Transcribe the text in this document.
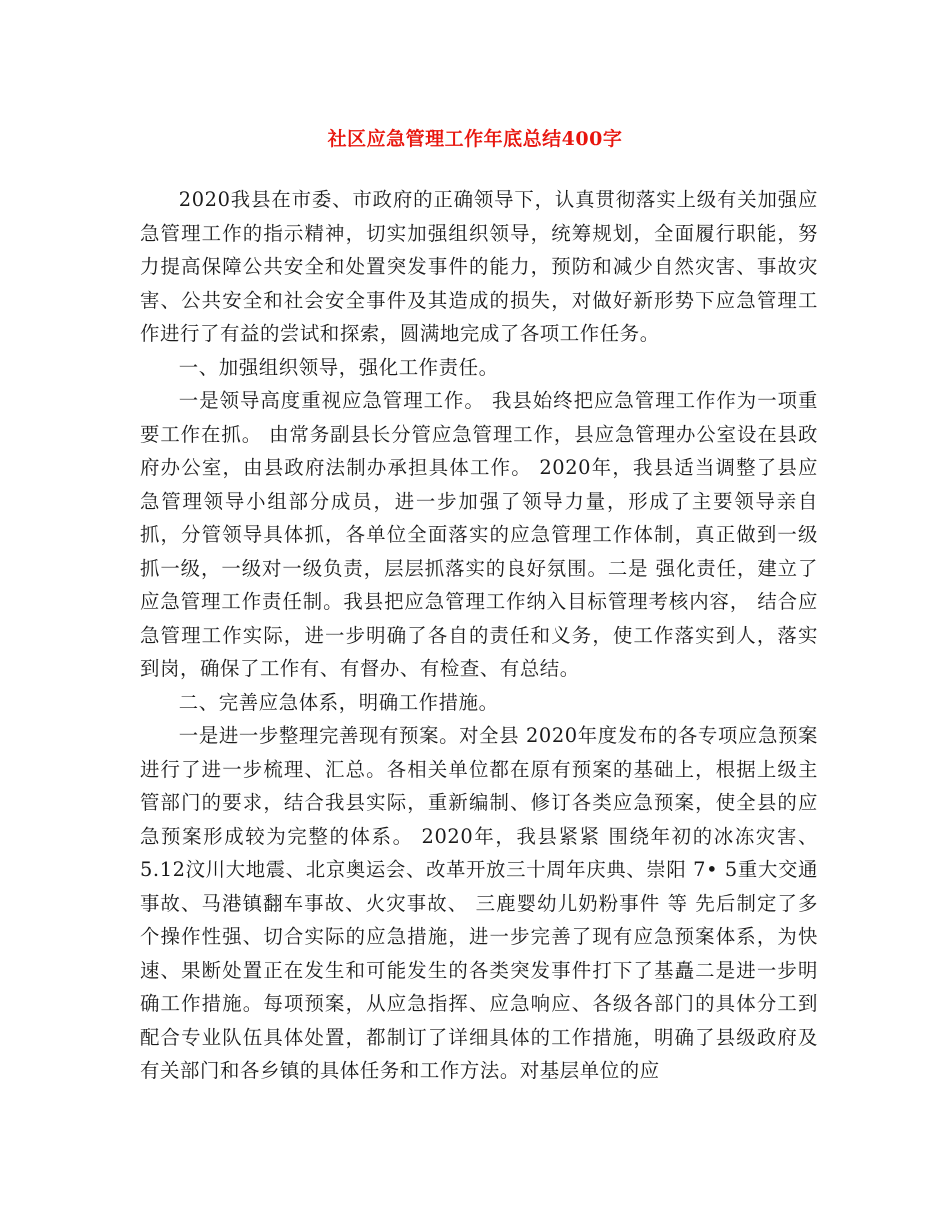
社区应急管理工作年底总结400字

2020我县在市委、市政府的正确领导下，认真贯彻落实上级有关加强应急管理工作的指示精神，切实加强组织领导，统筹规划，全面履行职能，努力提高保障公共安全和处置突发事件的能力，预防和减少自然灾害、事故灾害、公共安全和社会安全事件及其造成的损失，对做好新形势下应急管理工作进行了有益的尝试和探索，圆满地完成了各项工作任务。

一、加强组织领导，强化工作责任。

一是领导高度重视应急管理工作。 我县始终把应急管理工作作为一项重要工作在抓。 由常务副县长分管应急管理工作，县应急管理办公室设在县政府办公室，由县政府法制办承担具体工作。 2020年，我县适当调整了县应急管理领导小组部分成员，进一步加强了领导力量，形成了主要领导亲自抓，分管领导具体抓，各单位全面落实的应急管理工作体制，真正做到一级抓一级，一级对一级负责，层层抓落实的良好氛围。二是 强化责任，建立了应急管理工作责任制。我县把应急管理工作纳入目标管理考核内容， 结合应急管理工作实际，进一步明确了各自的责任和义务，使工作落实到人，落实到岗，确保了工作有、有督办、有检查、有总结。

二、完善应急体系，明确工作措施。

一是进一步整理完善现有预案。对全县 2020年度发布的各专项应急预案进行了进一步梳理、汇总。各相关单位都在原有预案的基础上，根据上级主管部门的要求，结合我县实际，重新编制、修订各类应急预案，使全县的应急预案形成较为完整的体系。 2020年，我县紧紧 围绕年初的冰冻灾害、 5.12汶川大地震、北京奥运会、改革开放三十周年庆典、崇阳 7• 5重大交通事故、马港镇翻车事故、火灾事故、 三鹿婴幼儿奶粉事件 等 先后制定了多个操作性强、切合实际的应急措施，进一步完善了现有应急预案体系，为快速、果断处置正在发生和可能发生的各类突发事件打下了基矗二是进一步明确工作措施。每项预案，从应急指挥、应急响应、各级各部门的具体分工到配合专业队伍具体处置，都制订了详细具体的工作措施，明确了县级政府及有关部门和各乡镇的具体任务和工作方法。对基层单位的应
